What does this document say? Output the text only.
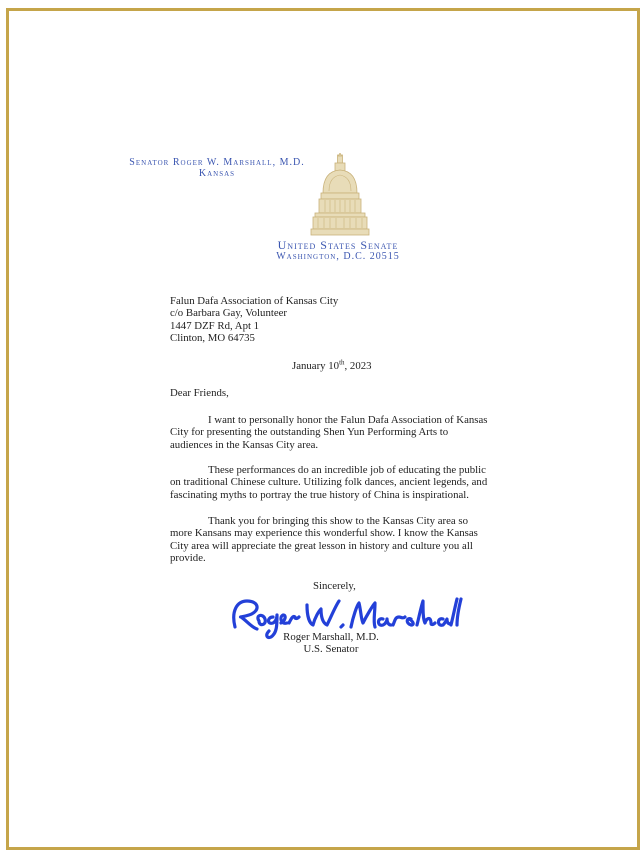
Senator Roger W. Marshall, M.D.
Kansas
United States Senate
Washington, D.C. 20515
Falun Dafa Association of Kansas City
c/o Barbara Gay, Volunteer
1447 DZF Rd, Apt 1
Clinton, MO 64735
January 10th, 2023
Dear Friends,
I want to personally honor the Falun Dafa Association of Kansas
City for presenting the outstanding Shen Yun Performing Arts to
audiences in the Kansas City area.
These performances do an incredible job of educating the public
on traditional Chinese culture. Utilizing folk dances, ancient legends, and
fascinating myths to portray the true history of China is inspirational.
Thank you for bringing this show to the Kansas City area so
more Kansans may experience this wonderful show. I know the Kansas
City area will appreciate the great lesson in history and culture you all
provide.
Sincerely,
Roger Marshall, M.D.
U.S. Senator
